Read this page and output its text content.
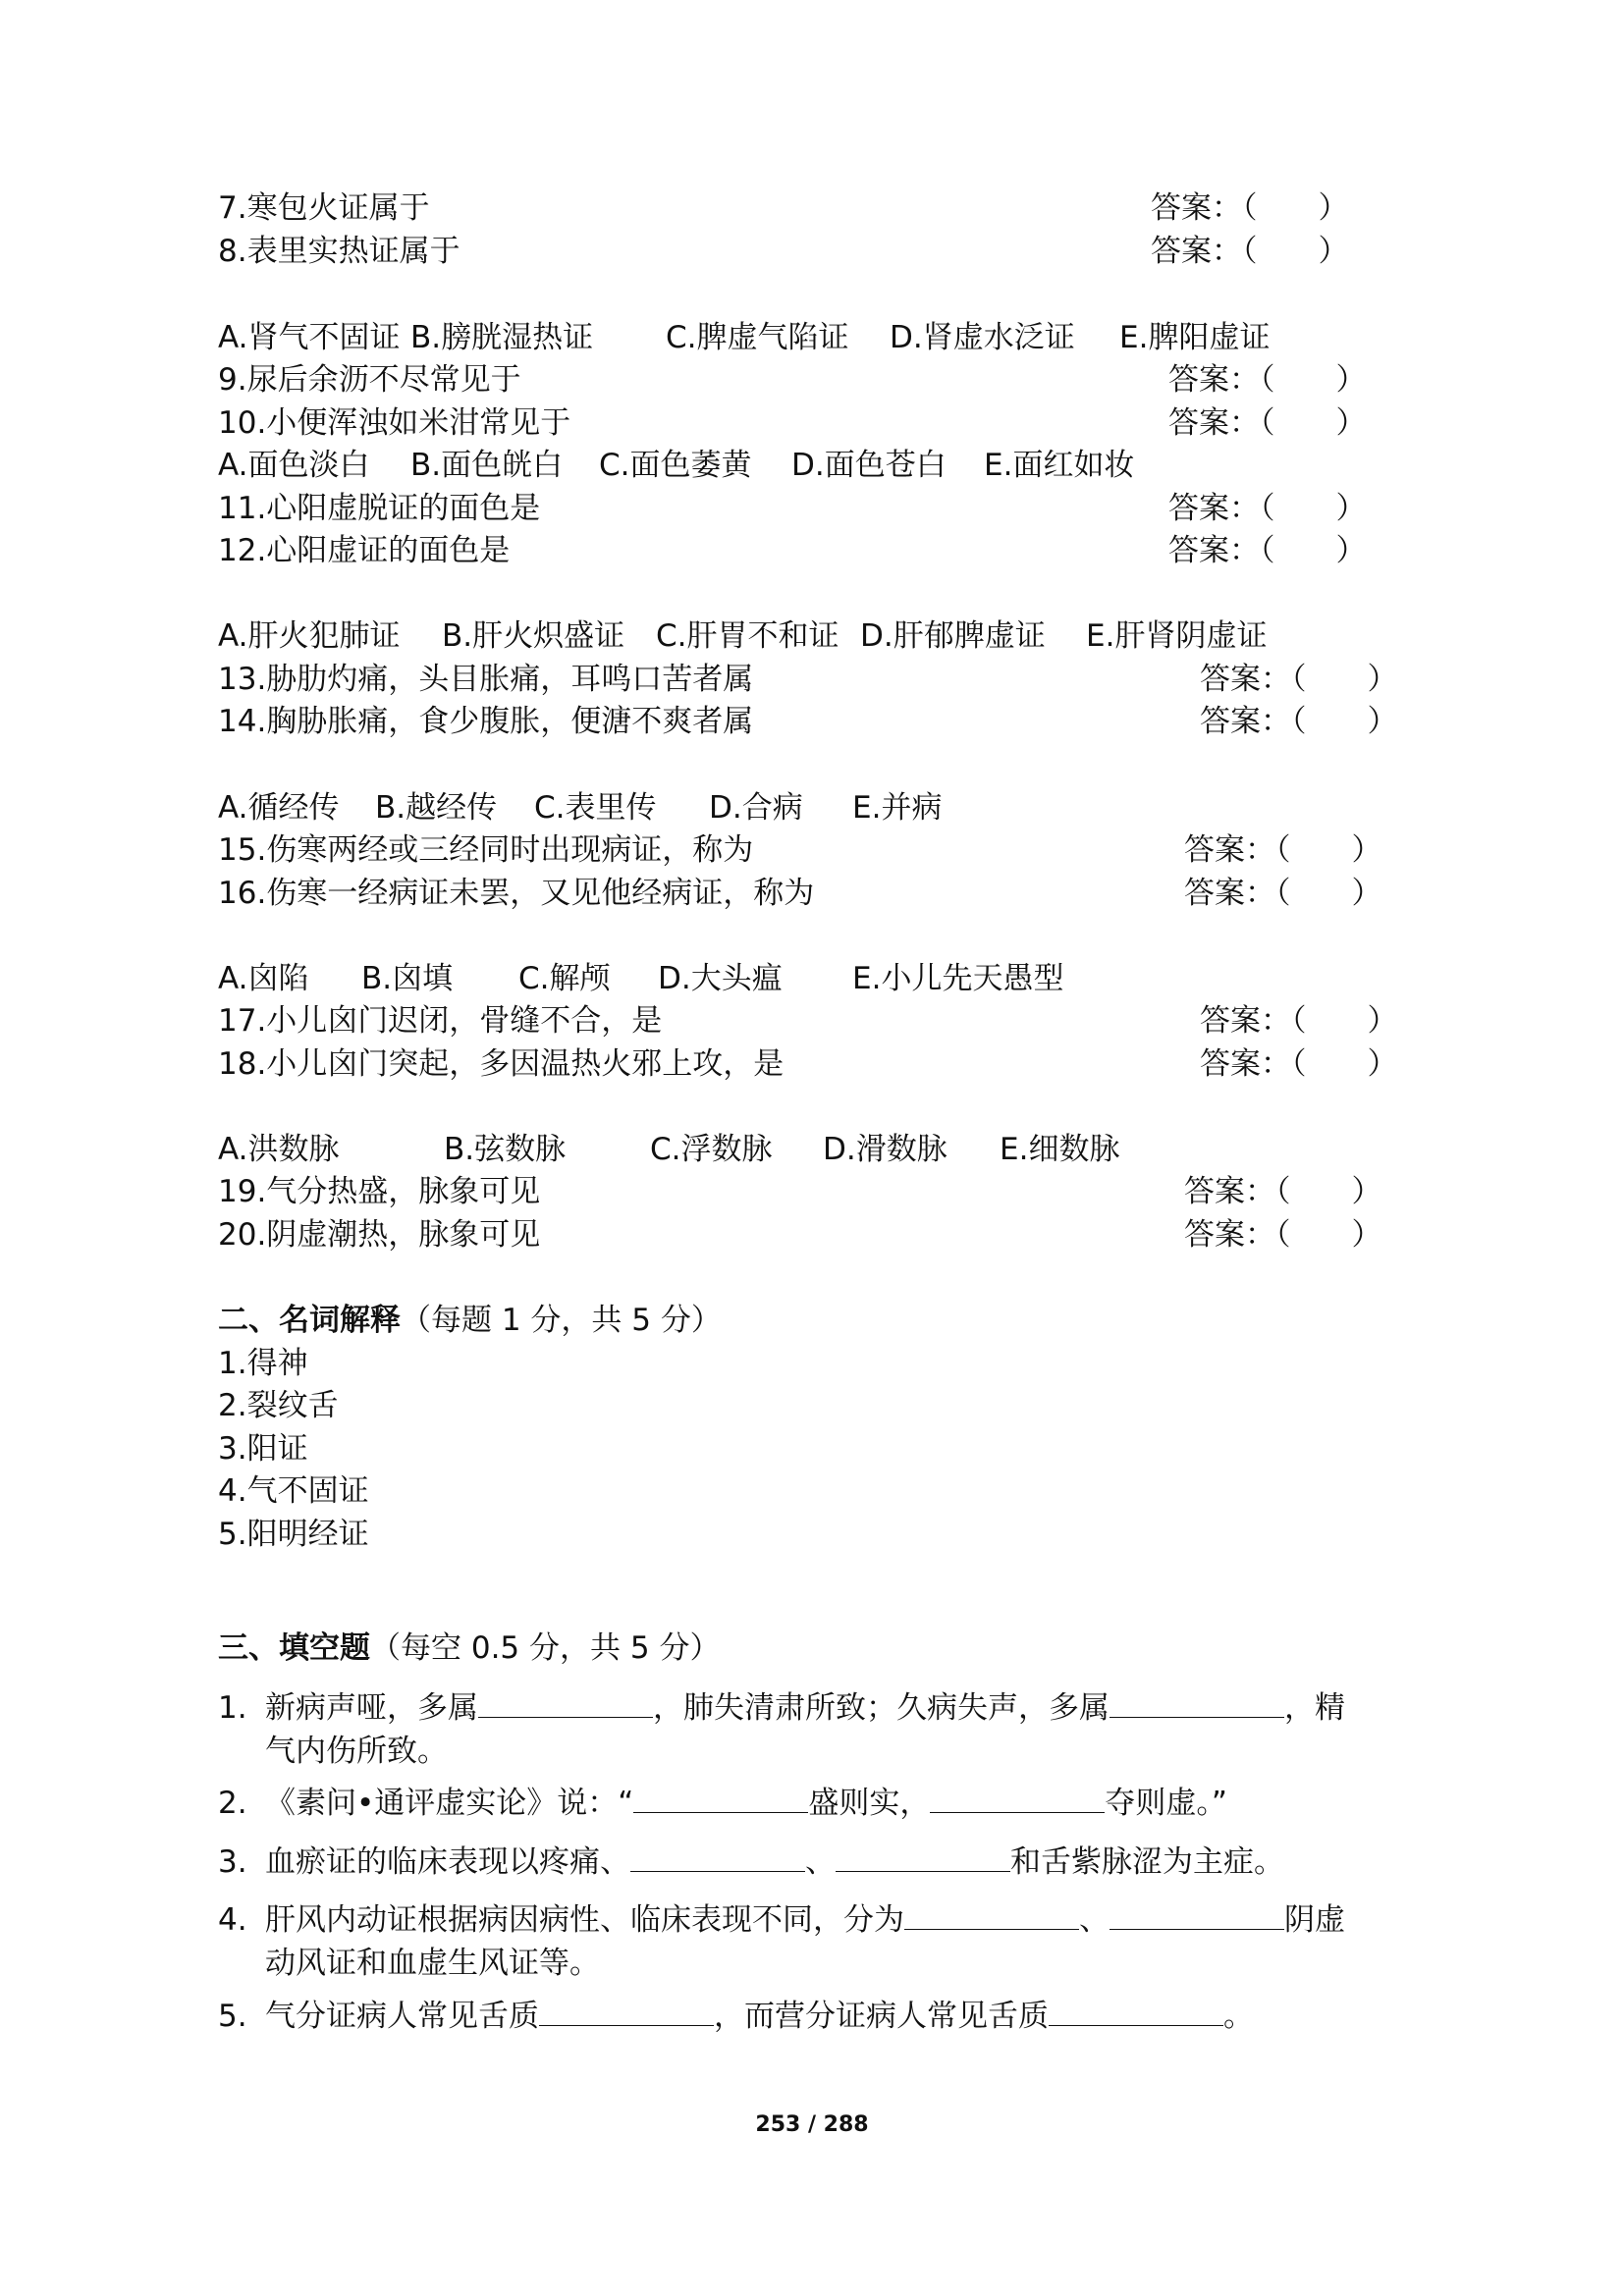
7.寒包火证属于	答案：（　　）
8.表里实热证属于	答案：（　　）
A.肾气不固证 B.膀胱湿热证 C.脾虚气陷证 D.肾虚水泛证 E.脾阳虚证
9.尿后余沥不尽常见于	答案：（　　）
10.小便浑浊如米泔常见于	答案：（　　）
A.面色淡白 B.面色㿠白 C.面色萎黄 D.面色苍白 E.面红如妆
11.心阳虚脱证的面色是	答案：（　　）
12.心阳虚证的面色是	答案：（　　）
A.肝火犯肺证 B.肝火炽盛证 C.肝胃不和证 D.肝郁脾虚证 E.肝肾阴虚证
13.胁肋灼痛，头目胀痛，耳鸣口苦者属	答案：（　　）
14.胸胁胀痛，食少腹胀，便溏不爽者属	答案：（　　）
A.循经传 B.越经传 C.表里传 D.合病 E.并病
15.伤寒两经或三经同时出现病证，称为	答案：（　　）
16.伤寒一经病证未罢，又见他经病证，称为	答案：（　　）
A.囟陷 B.囟填 C.解颅 D.大头瘟 E.小儿先天愚型
17.小儿囟门迟闭，骨缝不合，是	答案：（　　）
18.小儿囟门突起，多因温热火邪上攻，是	答案：（　　）
A.洪数脉	B.弦数脉	C.浮数脉 D.滑数脉 E.细数脉
19.气分热盛，脉象可见	答案：（　　）
20.阴虚潮热，脉象可见	答案：（　　）
二、名词解释（每题 1 分，共 5 分）
1.得神
2.裂纹舌
3.阳证
4.气不固证
5.阳明经证
三、填空题（每空 0.5 分，共 5 分）
1. 新病声哑，多属	，肺失清肃所致；久病失声，多属	，精
气内伤所致。
2. 《素问•通评虚实论》说：“	盛则实，	夺则虚。”
3. 血瘀证的临床表现以疼痛、	、	和舌紫脉涩为主症。
4. 肝风内动证根据病因病性、临床表现不同，分为	、	阴虚
动风证和血虚生风证等。
5. 气分证病人常见舌质	，而营分证病人常见舌质	。
253 / 288
